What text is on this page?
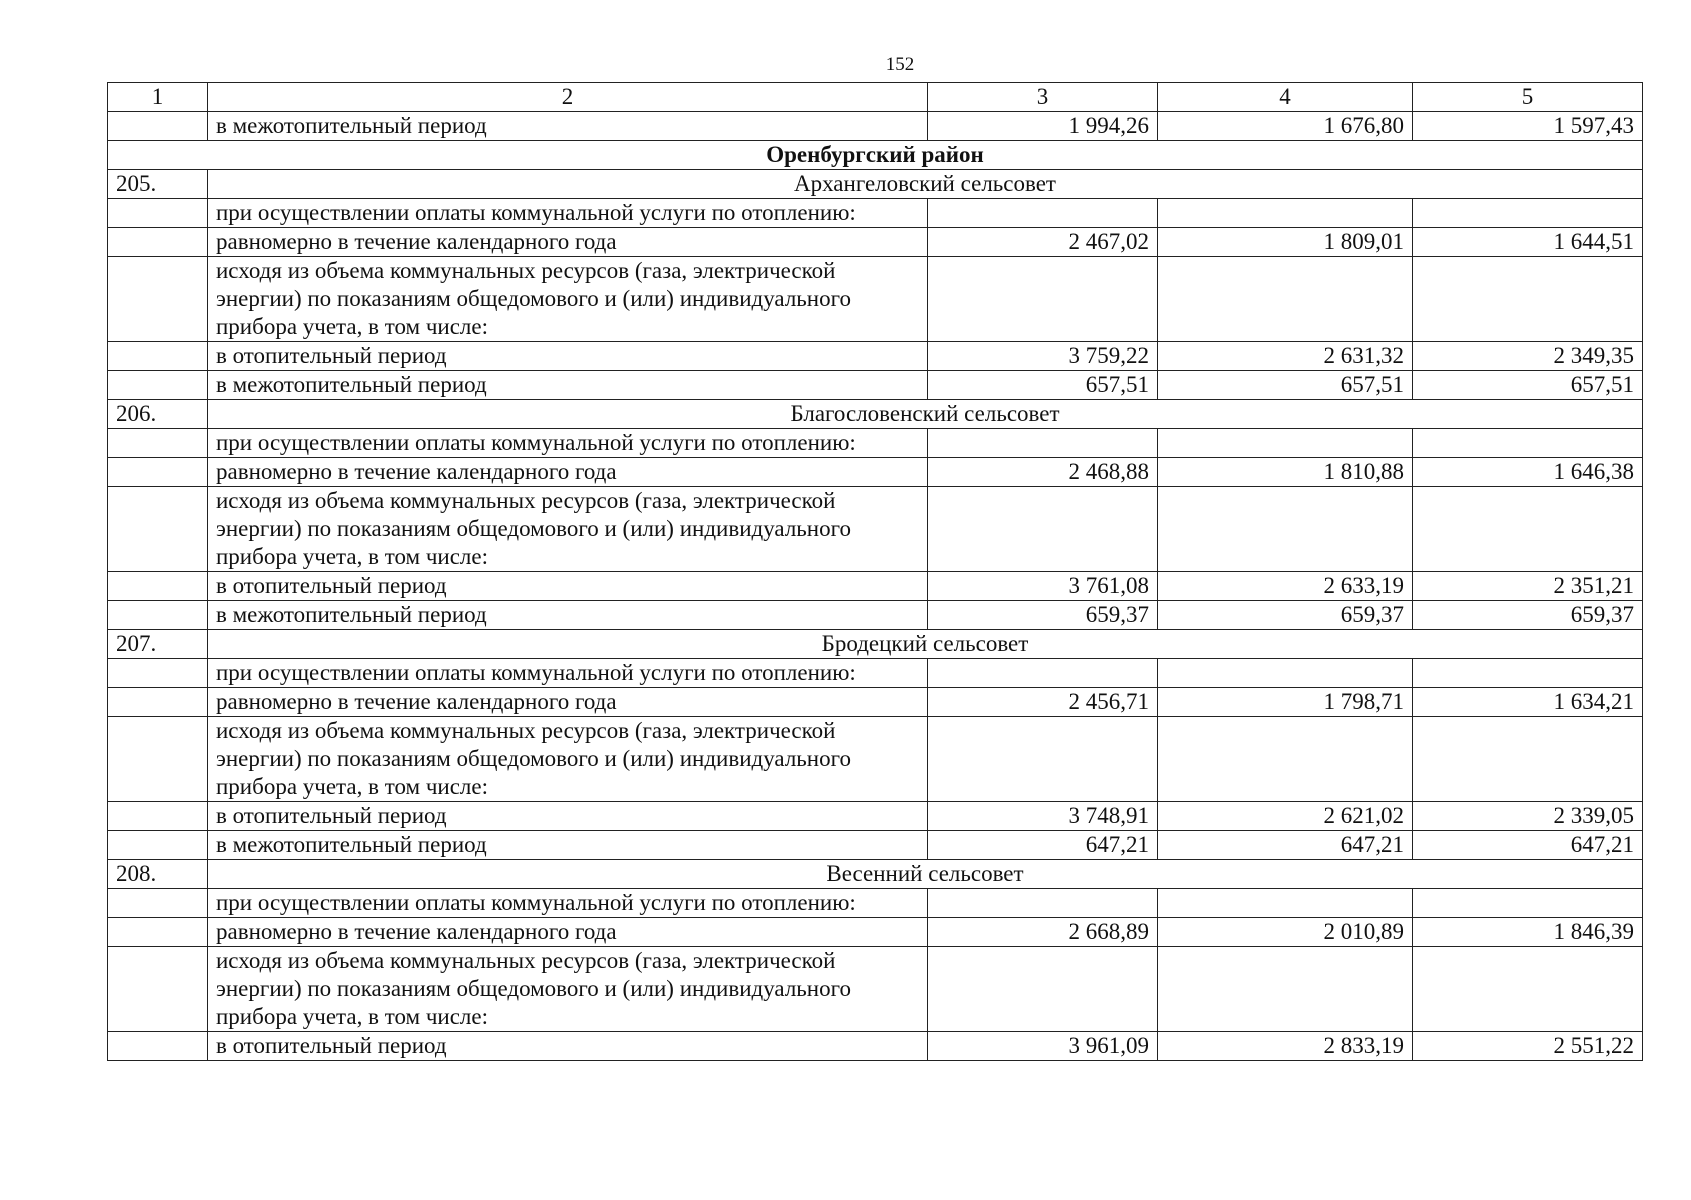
152
1	2	3	4	5
	в межотопительный период	1 994,26	1 676,80	1 597,43
Оренбургский район				
205.	Архангеловский сельсовет			
	при осуществлении оплаты коммунальной услуги по отоплению:			
	равномерно в течение календарного года	2 467,02	1 809,01	1 644,51
	исходя из объема коммунальных ресурсов (газа, электрической энергии) по показаниям общедомового и (или) индивидуального прибора учета, в том числе:			
	в отопительный период	3 759,22	2 631,32	2 349,35
	в межотопительный период	657,51	657,51	657,51
206.	Благословенский сельсовет			
	при осуществлении оплаты коммунальной услуги по отоплению:			
	равномерно в течение календарного года	2 468,88	1 810,88	1 646,38
	исходя из объема коммунальных ресурсов (газа, электрической энергии) по показаниям общедомового и (или) индивидуального прибора учета, в том числе:			
	в отопительный период	3 761,08	2 633,19	2 351,21
	в межотопительный период	659,37	659,37	659,37
207.	Бродецкий сельсовет			
	при осуществлении оплаты коммунальной услуги по отоплению:			
	равномерно в течение календарного года	2 456,71	1 798,71	1 634,21
	исходя из объема коммунальных ресурсов (газа, электрической энергии) по показаниям общедомового и (или) индивидуального прибора учета, в том числе:			
	в отопительный период	3 748,91	2 621,02	2 339,05
	в межотопительный период	647,21	647,21	647,21
208.	Весенний сельсовет			
	при осуществлении оплаты коммунальной услуги по отоплению:			
	равномерно в течение календарного года	2 668,89	2 010,89	1 846,39
	исходя из объема коммунальных ресурсов (газа, электрической энергии) по показаниям общедомового и (или) индивидуального прибора учета, в том числе:			
	в отопительный период	3 961,09	2 833,19	2 551,22
